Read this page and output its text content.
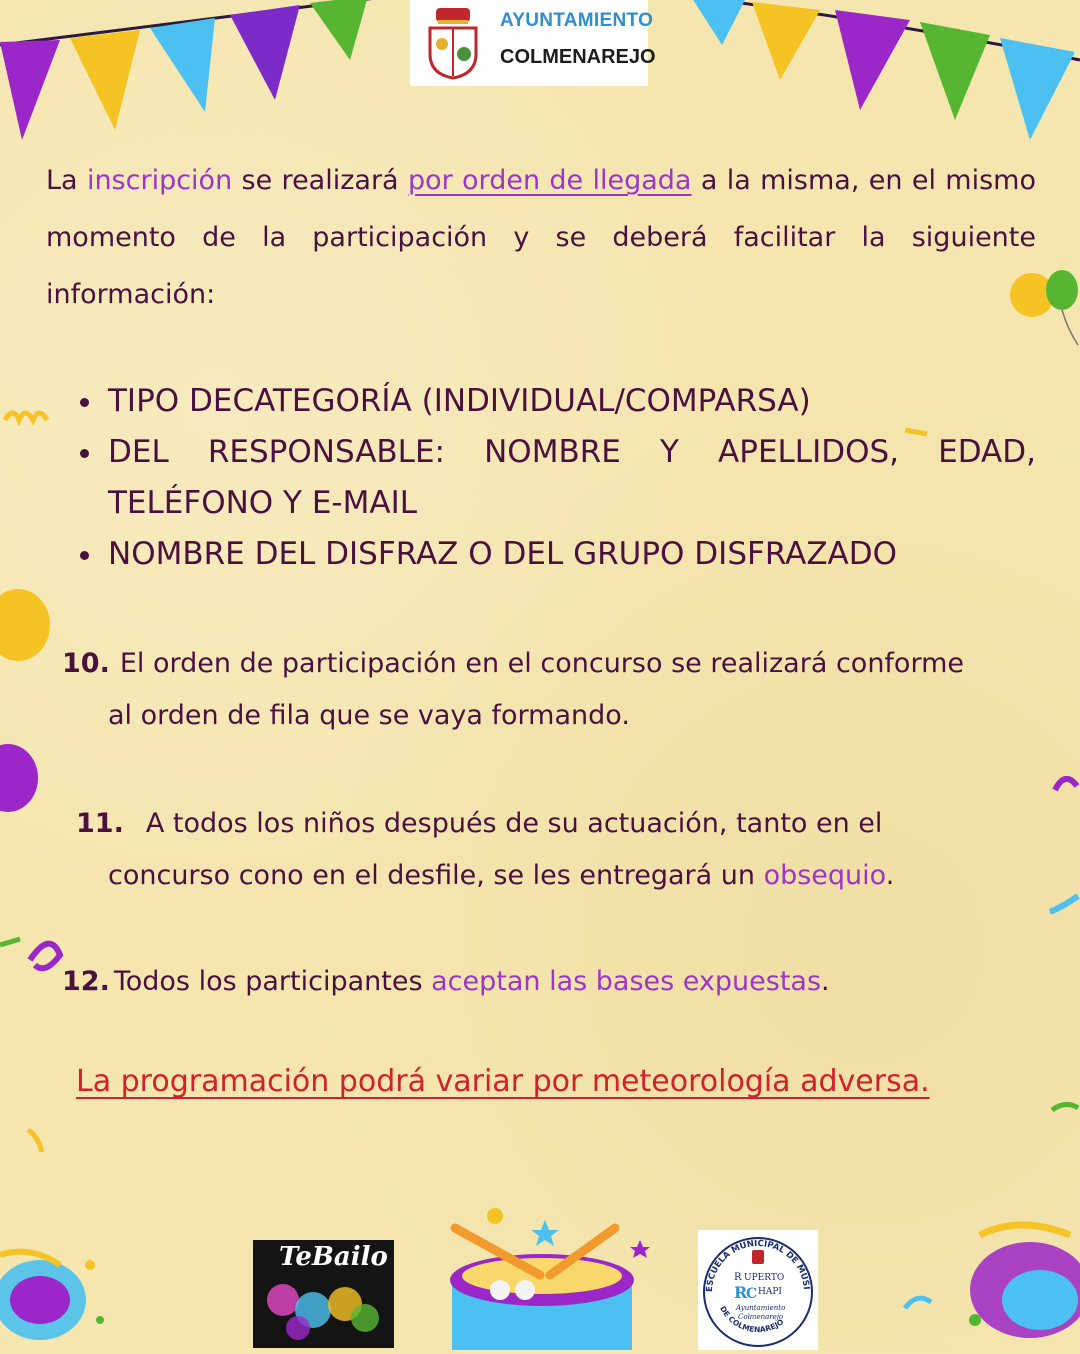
AYUNTAMIENTO
COLMENAREJO
La inscripción se realizará por orden de llegada a la misma, en el mismo momento de la participación y se deberá facilitar la siguiente información:
TIPO DECATEGORÍA (INDIVIDUAL/COMPARSA)
DEL RESPONSABLE: NOMBRE Y APELLIDOS, EDAD, TELÉFONO Y E-MAIL
NOMBRE DEL DISFRAZ O DEL GRUPO DISFRAZADO
10. El orden de participación en el concurso se realizará conforme
al orden de fila que se vaya formando.
11. A todos los niños después de su actuación, tanto en el
concurso cono en el desfile, se les entregará un obsequio.
12. Todos los participantes aceptan las bases expuestas.
La programación podrá variar por meteorología adversa.
TeBailo
ESCUELA MUNICIPAL DE MÚSI
DE COLMENAREJO
R UPERTO
R
C HAPI
Ayuntamiento
Colmenarejo
